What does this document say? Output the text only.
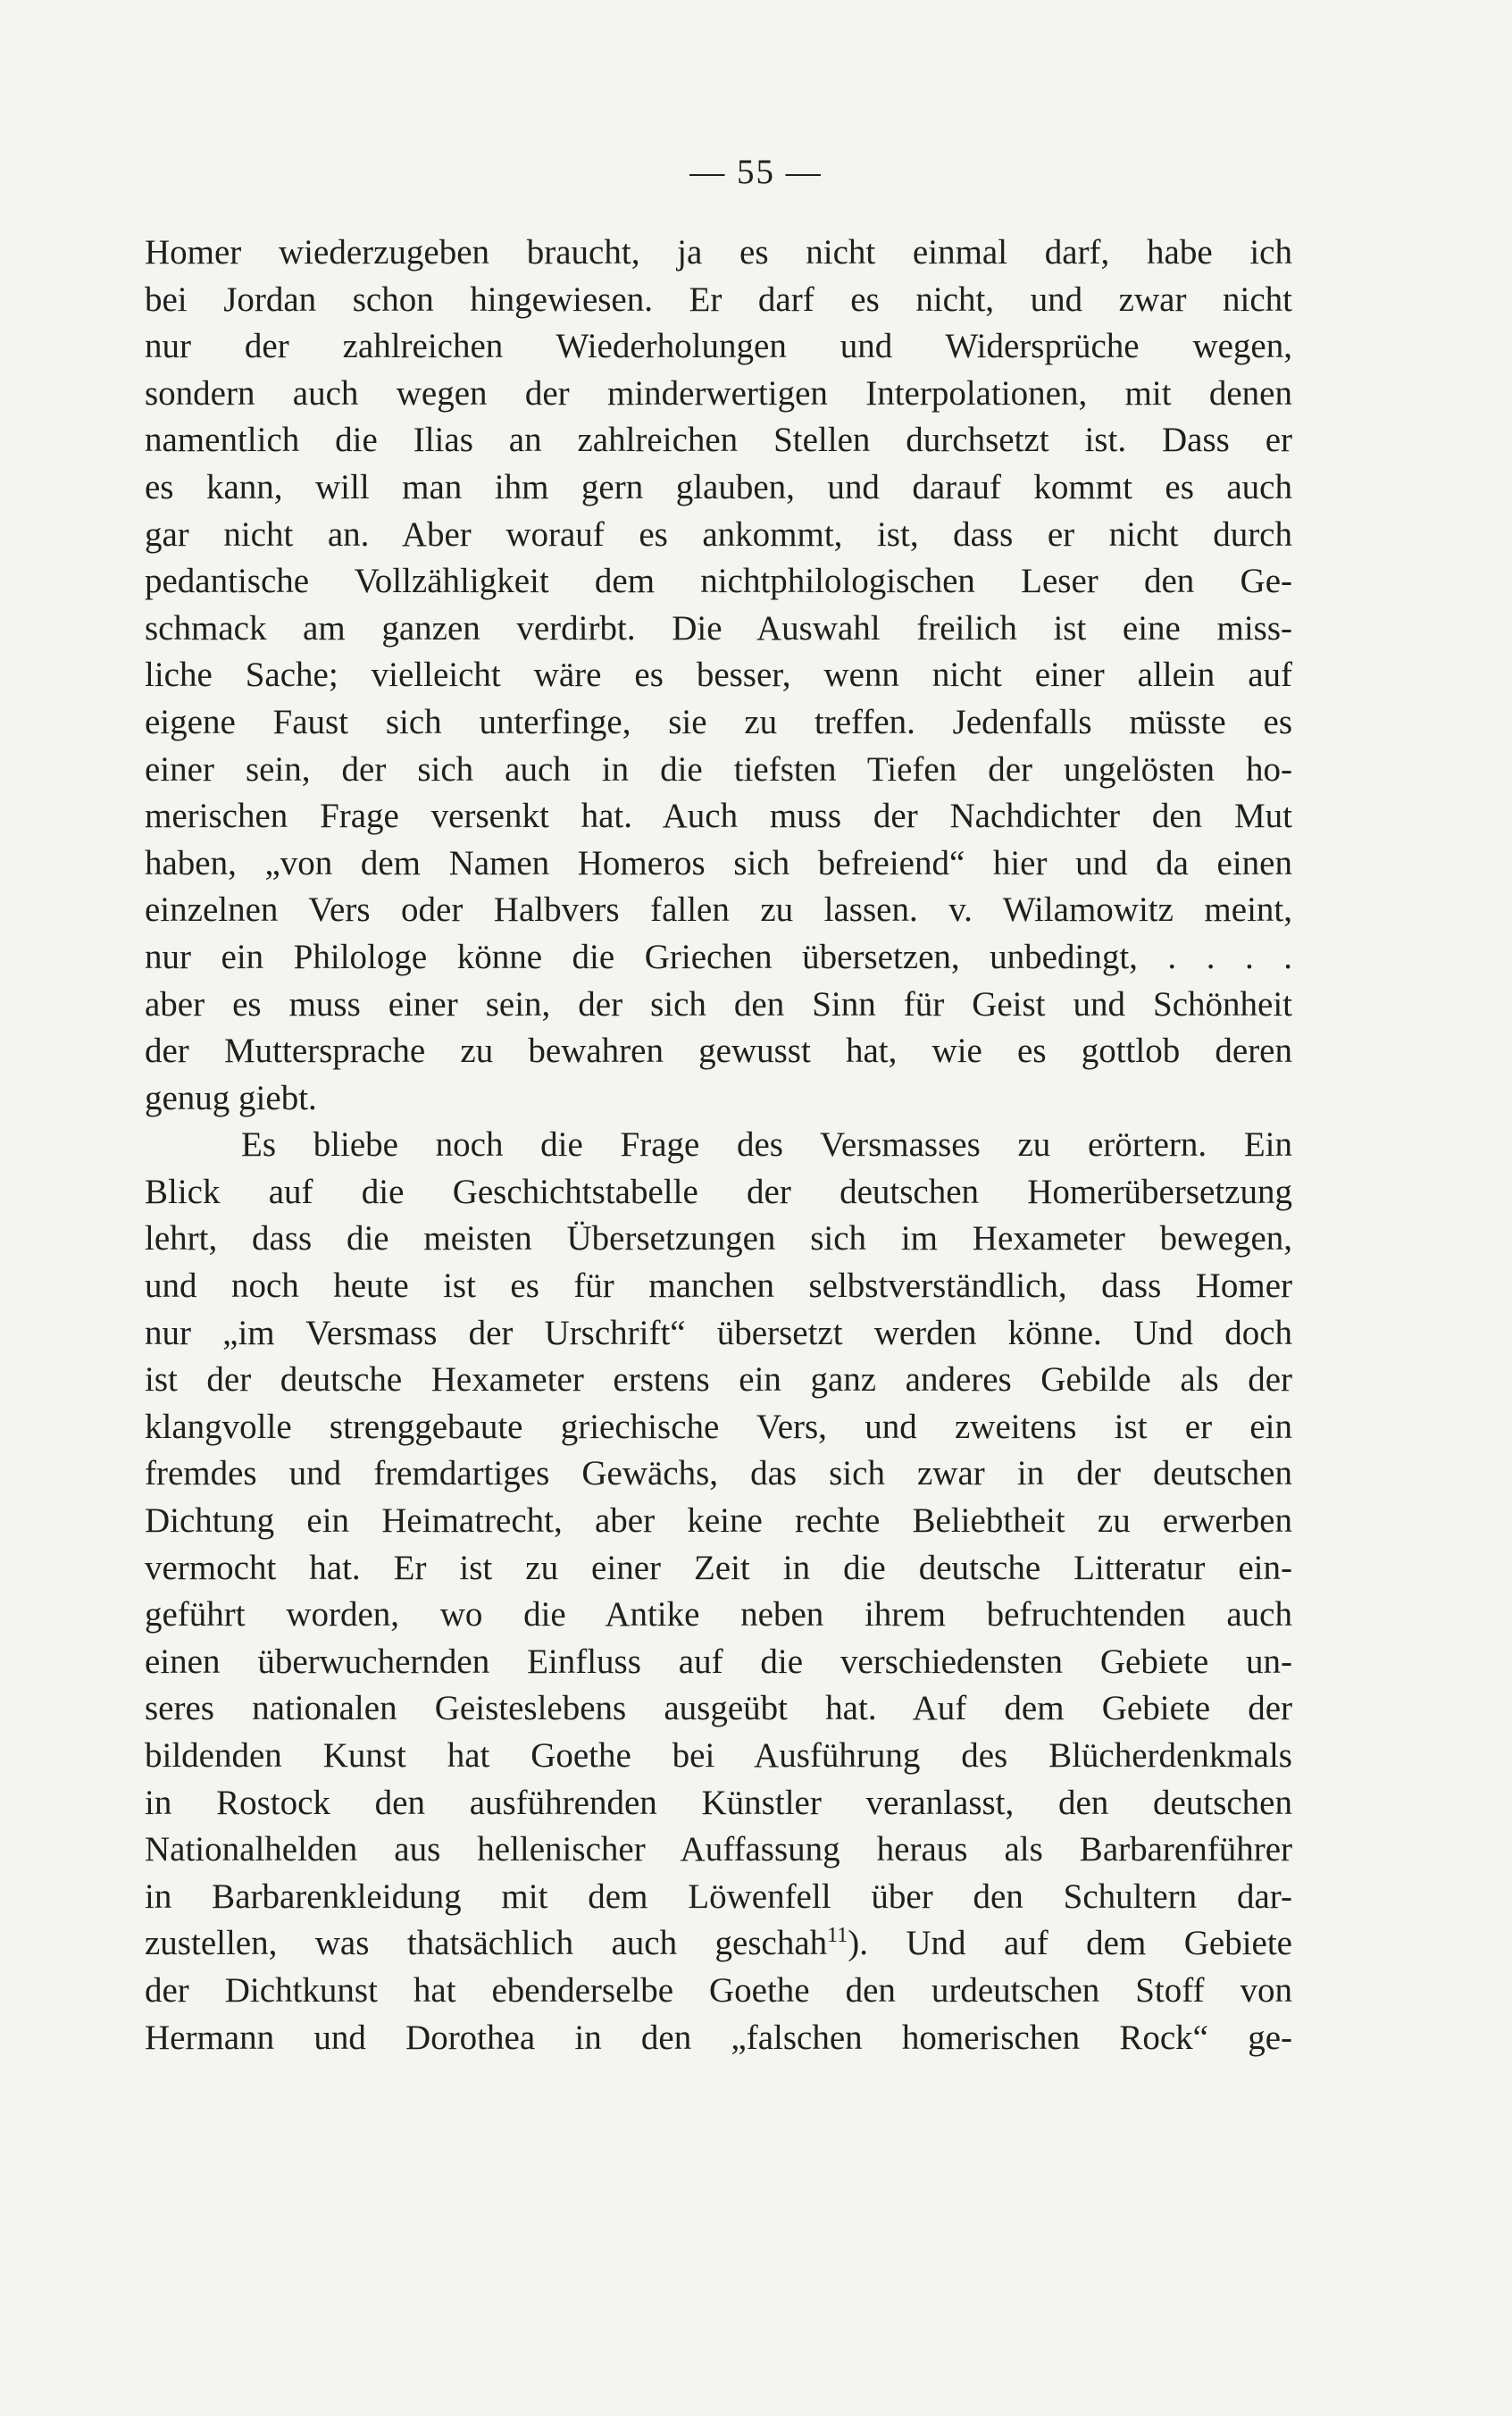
— 55 —
Homer wiederzugeben braucht, ja es nicht einmal darf, habe ich
bei Jordan schon hingewiesen. Er darf es nicht, und zwar nicht
nur der zahlreichen Wiederholungen und Widersprüche wegen,
sondern auch wegen der minderwertigen Interpolationen, mit denen
namentlich die Ilias an zahlreichen Stellen durchsetzt ist. Dass er
es kann, will man ihm gern glauben, und darauf kommt es auch
gar nicht an. Aber worauf es ankommt, ist, dass er nicht durch
pedantische Vollzähligkeit dem nichtphilologischen Leser den Ge-
schmack am ganzen verdirbt. Die Auswahl freilich ist eine miss-
liche Sache; vielleicht wäre es besser, wenn nicht einer allein auf
eigene Faust sich unterfinge, sie zu treffen. Jedenfalls müsste es
einer sein, der sich auch in die tiefsten Tiefen der ungelösten ho-
merischen Frage versenkt hat. Auch muss der Nachdichter den Mut
haben, „von dem Namen Homeros sich befreiend“ hier und da einen
einzelnen Vers oder Halbvers fallen zu lassen. v. Wilamowitz meint,
nur ein Philologe könne die Griechen übersetzen, unbedingt, . . . .
aber es muss einer sein, der sich den Sinn für Geist und Schönheit
der Muttersprache zu bewahren gewusst hat, wie es gottlob deren
genug giebt.
Es bliebe noch die Frage des Versmasses zu erörtern. Ein
Blick auf die Geschichtstabelle der deutschen Homerübersetzung
lehrt, dass die meisten Übersetzungen sich im Hexameter bewegen,
und noch heute ist es für manchen selbstverständlich, dass Homer
nur „im Versmass der Urschrift“ übersetzt werden könne. Und doch
ist der deutsche Hexameter erstens ein ganz anderes Gebilde als der
klangvolle strenggebaute griechische Vers, und zweitens ist er ein
fremdes und fremdartiges Gewächs, das sich zwar in der deutschen
Dichtung ein Heimatrecht, aber keine rechte Beliebtheit zu erwerben
vermocht hat. Er ist zu einer Zeit in die deutsche Litteratur ein-
geführt worden, wo die Antike neben ihrem befruchtenden auch
einen überwuchernden Einfluss auf die verschiedensten Gebiete un-
seres nationalen Geisteslebens ausgeübt hat. Auf dem Gebiete der
bildenden Kunst hat Goethe bei Ausführung des Blücherdenkmals
in Rostock den ausführenden Künstler veranlasst, den deutschen
Nationalhelden aus hellenischer Auffassung heraus als Barbarenführer
in Barbarenkleidung mit dem Löwenfell über den Schultern dar-
zustellen, was thatsächlich auch geschah$^{11}$). Und auf dem Gebiete
der Dichtkunst hat ebenderselbe Goethe den urdeutschen Stoff von
Hermann und Dorothea in den „falschen homerischen Rock“ ge-
